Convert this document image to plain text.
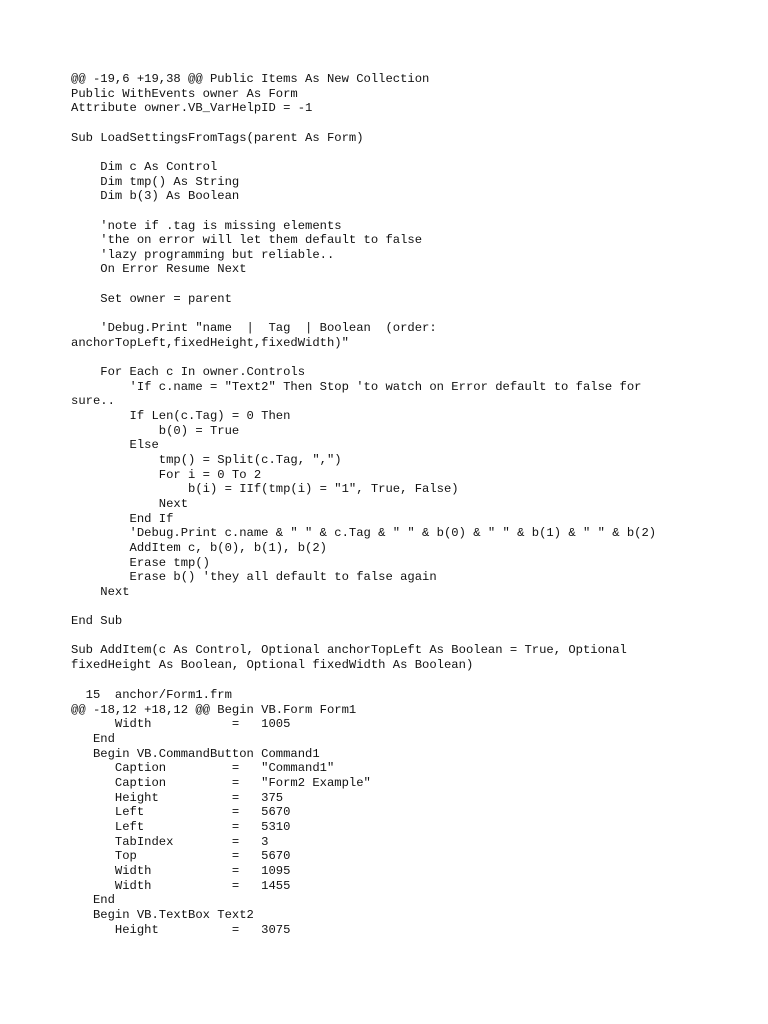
@@ -19,6 +19,38 @@ Public Items As New Collection
Public WithEvents owner As Form
Attribute owner.VB_VarHelpID = -1
Sub LoadSettingsFromTags(parent As Form)
Dim c As Control
Dim tmp() As String
Dim b(3) As Boolean
'note if .tag is missing elements
'the on error will let them default to false
'lazy programming but reliable..
On Error Resume Next
Set owner = parent
'Debug.Print "name  |  Tag  | Boolean  (order:
anchorTopLeft,fixedHeight,fixedWidth)"
For Each c In owner.Controls
'If c.name = "Text2" Then Stop 'to watch on Error default to false for
sure..
If Len(c.Tag) = 0 Then
b(0) = True
Else
tmp() = Split(c.Tag, ",")
For i = 0 To 2
b(i) = IIf(tmp(i) = "1", True, False)
Next
End If
'Debug.Print c.name & " " & c.Tag & " " & b(0) & " " & b(1) & " " & b(2)
AddItem c, b(0), b(1), b(2)
Erase tmp()
Erase b() 'they all default to false again
Next
End Sub
Sub AddItem(c As Control, Optional anchorTopLeft As Boolean = True, Optional
fixedHeight As Boolean, Optional fixedWidth As Boolean)
15  anchor/Form1.frm
@@ -18,12 +18,12 @@ Begin VB.Form Form1
Width           =   1005
End
Begin VB.CommandButton Command1
Caption         =   "Command1"
Caption         =   "Form2 Example"
Height          =   375
Left            =   5670
Left            =   5310
TabIndex        =   3
Top             =   5670
Width           =   1095
Width           =   1455
End
Begin VB.TextBox Text2
Height          =   3075
